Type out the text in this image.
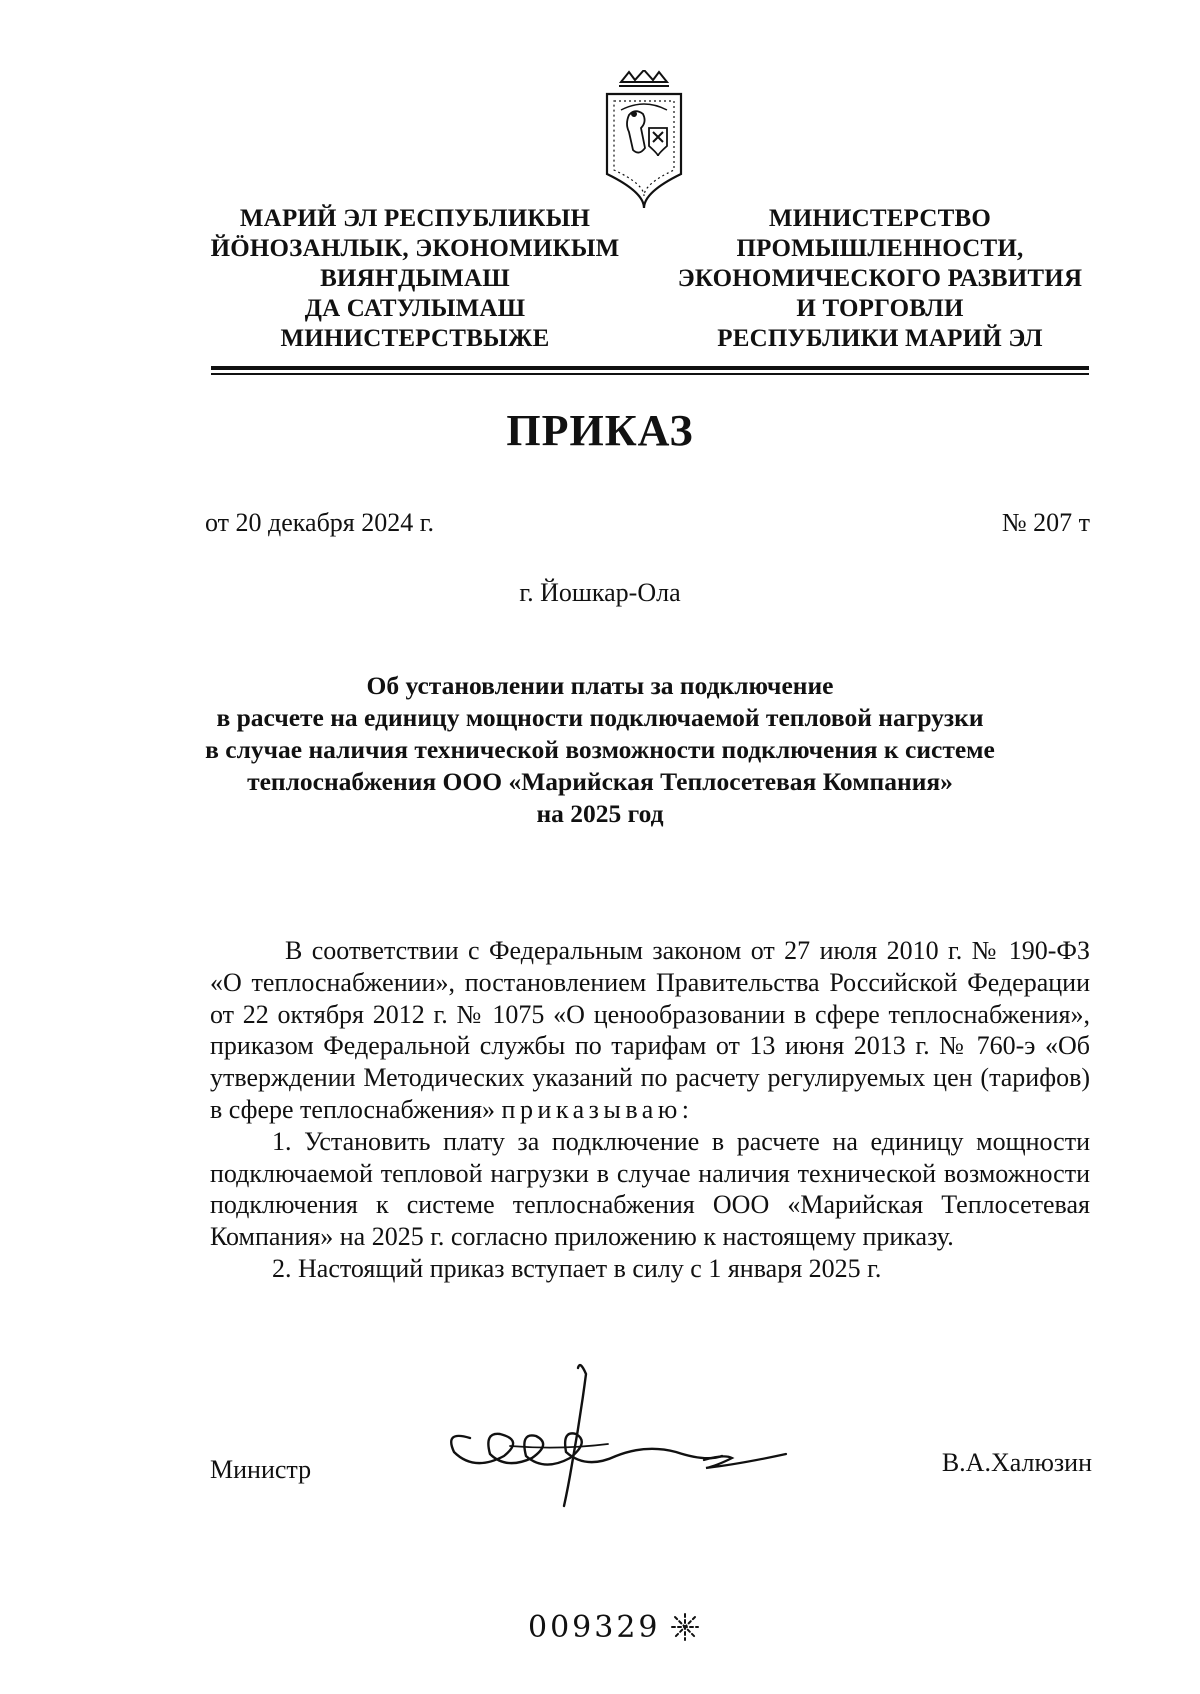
МАРИЙ ЭЛ РЕСПУБЛИКЫН
ЙӦНОЗАНЛЫК, ЭКОНОМИКЫМ
ВИЯҤДЫМАШ
ДА САТУЛЫМАШ
МИНИСТЕРСТВЫЖЕ
МИНИСТЕРСТВО
ПРОМЫШЛЕННОСТИ,
ЭКОНОМИЧЕСКОГО РАЗВИТИЯ
И ТОРГОВЛИ
РЕСПУБЛИКИ МАРИЙ ЭЛ
ПРИКАЗ
от 20 декабря 2024 г.	№ 207 т
г. Йошкар-Ола
Об установлении платы за подключение
в расчете на единицу мощности подключаемой тепловой нагрузки
в случае наличия технической возможности подключения к системе
теплоснабжения ООО «Марийская Теплосетевая Компания»
на 2025 год

В соответствии с Федеральным законом от 27 июля 2010 г. № 190-ФЗ «О теплоснабжении», постановлением Правительства Российской Федерации от 22 октября 2012 г. № 1075 «О ценообразовании в сфере теплоснабжения», приказом Федеральной службы по тарифам от 13 июня 2013 г. № 760-э «Об утверждении Методических указаний по расчету регулируемых цен (тарифов) в сфере теплоснабжения» приказываю:

1. Установить плату за подключение в расчете на единицу мощности подключаемой тепловой нагрузки в случае наличия технической возможности подключения к системе теплоснабжения ООО «Марийская Теплосетевая Компания» на 2025 г. согласно приложению к настоящему приказу.

2. Настоящий приказ вступает в силу с 1 января 2025 г.

Министр	В.А.Халюзин
009329
